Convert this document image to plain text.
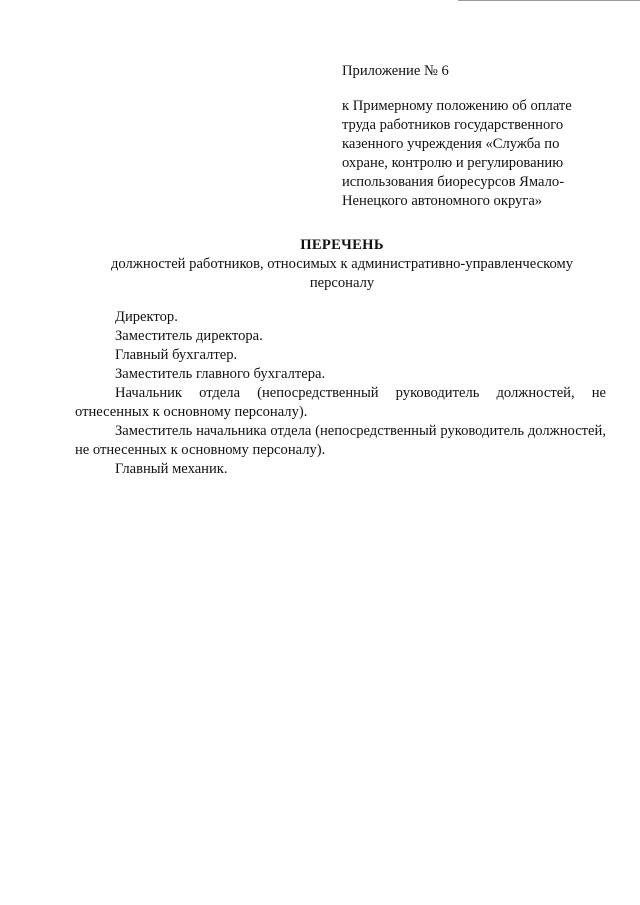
Приложение № 6

к Примерному положению об оплате
труда работников государственного
казенного учреждения «Служба по
охране, контролю и регулированию
использования биоресурсов Ямало-
Ненецкого автономного округа»

ПЕРЕЧЕНЬ
должностей работников, относимых к административно-управленческому
персоналу

Директор.

Заместитель директора.

Главный бухгалтер.

Заместитель главного бухгалтера.

Начальник отдела (непосредственный руководитель должностей, не отнесенных к основному персоналу).

Заместитель начальника отдела (непосредственный руководитель должностей, не отнесенных к основному персоналу).

Главный механик.
